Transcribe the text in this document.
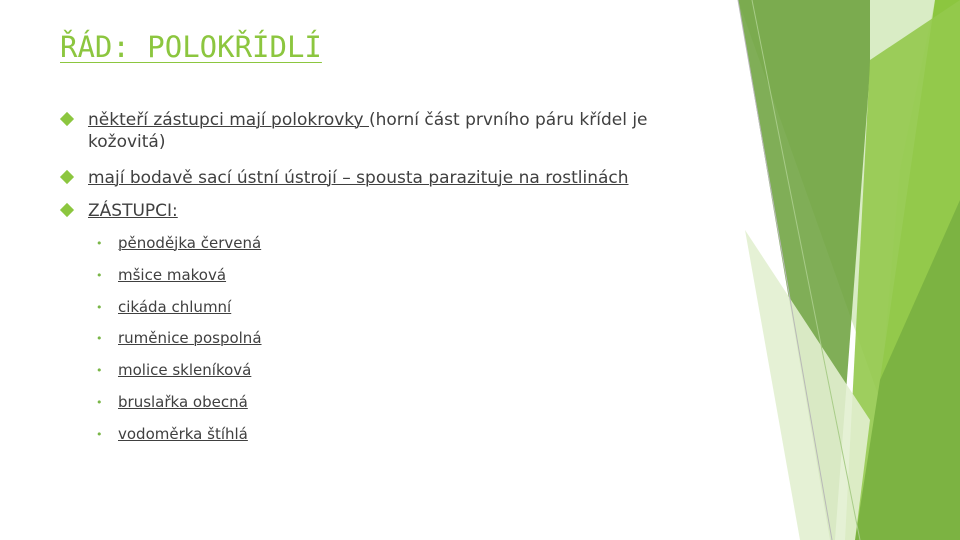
ŘÁD: POLOKŘÍDLÍ
někteří zástupci mají polokrovky (horní část prvního páru křídel je kožovitá)
mají bodavě sací ústní ústrojí – spousta parazituje na rostlinách
ZÁSTUPCI:
• pěnodějka červená
• mšice maková
• cikáda chlumní
• ruměnice pospolná
• molice skleníková
• bruslařka obecná
• vodoměrka štíhlá
